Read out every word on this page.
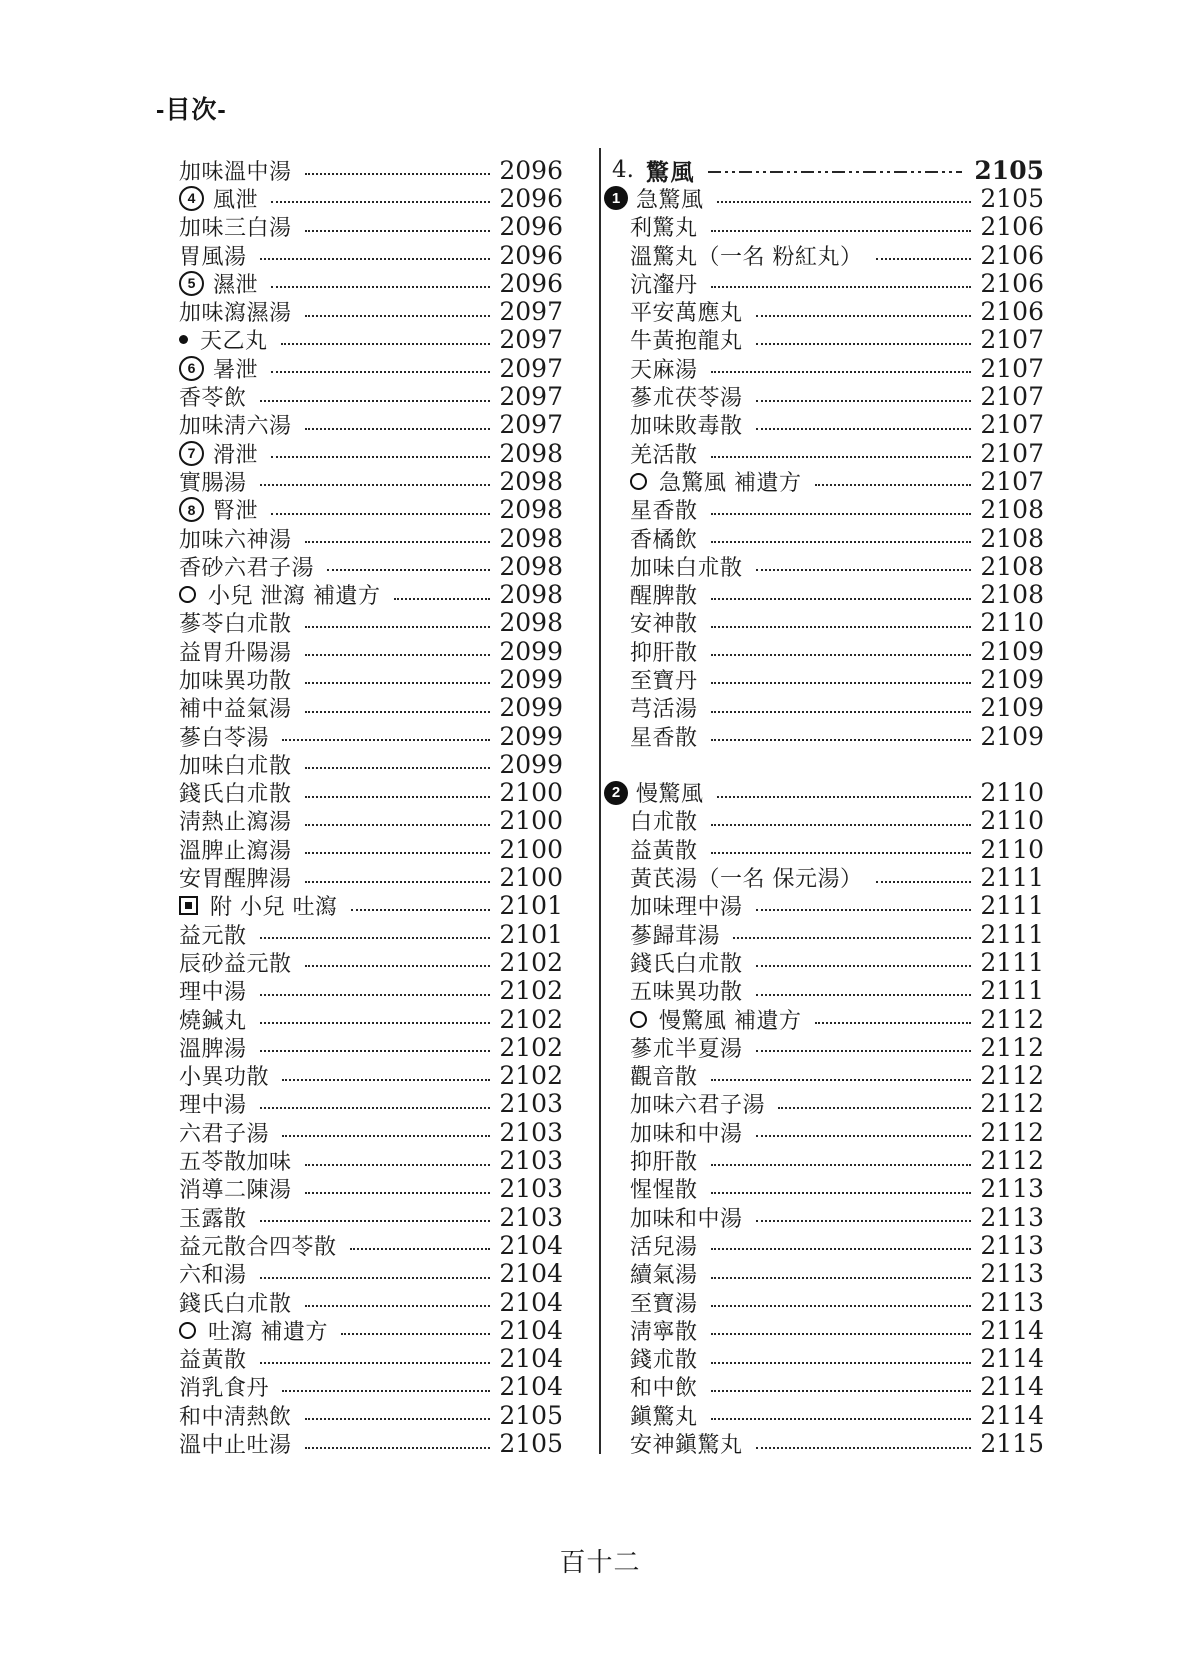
-目次-
加味溫中湯	2096
4 風泄	2096
加味三白湯	2096
胃風湯	2096
5 濕泄	2096
加味瀉濕湯	2097
天乙丸	2097
6 暑泄	2097
香苓飲	2097
加味淸六湯	2097
7 滑泄	2098
實腸湯	2098
8 腎泄	2098
加味六神湯	2098
香砂六君子湯	2098
小兒 泄瀉 補遺方	2098
蔘苓白朮散	2098
益胃升陽湯	2099
加味異功散	2099
補中益氣湯	2099
蔘白苓湯	2099
加味白朮散	2099
錢氏白朮散	2100
淸熱止瀉湯	2100
溫脾止瀉湯	2100
安胃醒脾湯	2100
附 小兒 吐瀉	2101
益元散	2101
辰砂益元散	2102
理中湯	2102
燒鍼丸	2102
溫脾湯	2102
小異功散	2102
理中湯	2103
六君子湯	2103
五苓散加味	2103
消導二陳湯	2103
玉露散	2103
益元散合四苓散	2104
六和湯	2104
錢氏白朮散	2104
吐瀉 補遺方	2104
益黃散	2104
消乳食丹	2104
和中淸熱飲	2105
溫中止吐湯	2105
4. 驚風	2105
1 急驚風	2105
利驚丸	2106
溫驚丸（一名 粉紅丸）	2106
沆瀣丹	2106
平安萬應丸	2106
牛黃抱龍丸	2107
天麻湯	2107
蔘朮茯苓湯	2107
加味敗毒散	2107
羌活散	2107
急驚風 補遺方	2107
星香散	2108
香橘飲	2108
加味白朮散	2108
醒脾散	2108
安神散	2110
抑肝散	2109
至寶丹	2109
芎活湯	2109
星香散	2109
2 慢驚風	2110
白朮散	2110
益黃散	2110
黃芪湯（一名 保元湯）	2111
加味理中湯	2111
蔘歸茸湯	2111
錢氏白朮散	2111
五味異功散	2111
慢驚風 補遺方	2112
蔘朮半夏湯	2112
觀音散	2112
加味六君子湯	2112
加味和中湯	2112
抑肝散	2112
惺惺散	2113
加味和中湯	2113
活兒湯	2113
續氣湯	2113
至寶湯	2113
淸寧散	2114
錢朮散	2114
和中飲	2114
鎭驚丸	2114
安神鎭驚丸	2115
百十二
